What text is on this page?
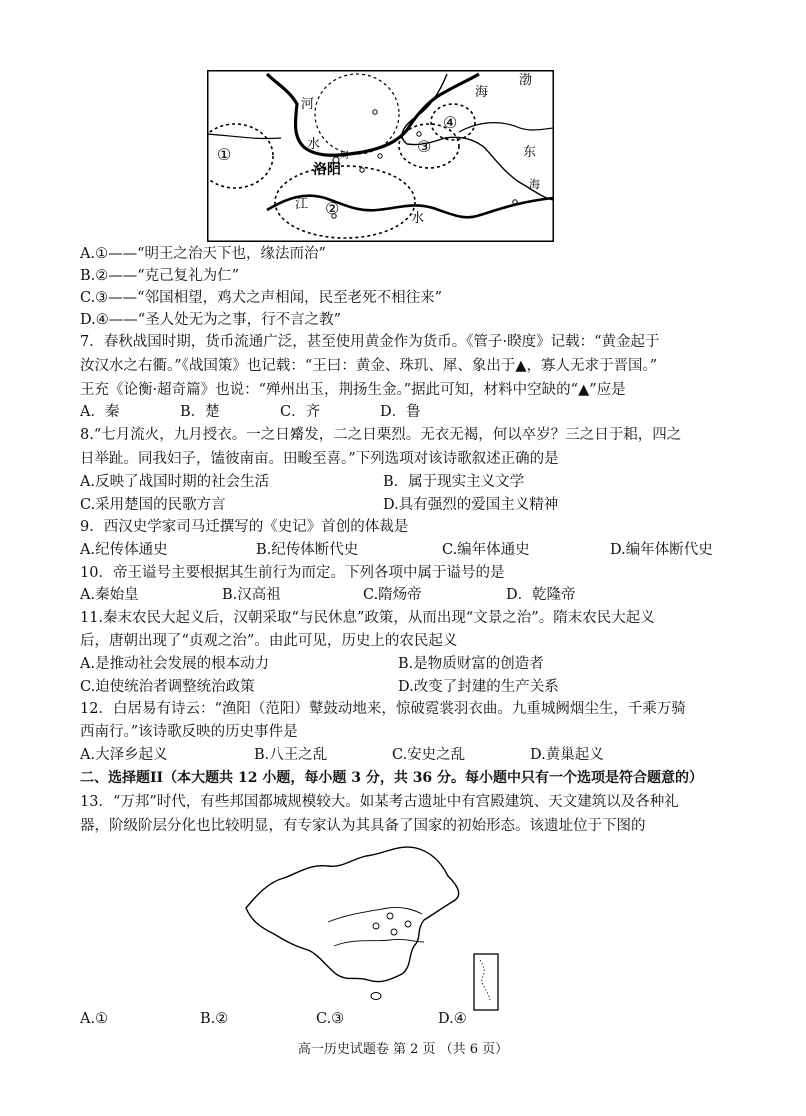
河
水
海
渤
东
海
洛阳
周
江
水
①
②
③
④
A.①——“明王之治天下也，缘法而治”
B.②——“克己复礼为仁”
C.③——“邻国相望，鸡犬之声相闻，民至老死不相往来”
D.④——“圣人处无为之事，行不言之教”
7．春秋战国时期，货币流通广泛，甚至使用黄金作为货币。《管子·睽度》记载：“黄金起于
汝汉水之右衢。”《战国策》也记载：“王曰：黄金、珠玑、犀、象出于▲，寡人无求于晋国。”
王充《论衡·超奇篇》也说：“殚州出玉，荆扬生金。”据此可知，材料中空缺的“▲”应是
A．秦	B．楚	C．齐	D．鲁
8.“七月流火，九月授衣。一之日觱发，二之日栗烈。无衣无褐，何以卒岁？三之日于耜，四之
日举趾。同我妇子，馌彼南亩。田畯至喜。”下列选项对该诗歌叙述正确的是
A.反映了战国时期的社会生活	B．属于现实主义文学
C.采用楚国的民歌方言	D.具有强烈的爱国主义精神
9．西汉史学家司马迁撰写的《史记》首创的体裁是
A.纪传体通史	B.纪传体断代史	C.编年体通史	D.编年体断代史
10．帝王谥号主要根据其生前行为而定。下列各项中属于谥号的是
A.秦始皇	B.汉高祖	C.隋炀帝	D．乾隆帝
11.秦末农民大起义后，汉朝采取“与民休息”政策，从而出现“文景之治”。隋末农民大起义
后，唐朝出现了“贞观之治”。由此可见，历史上的农民起义
A.是推动社会发展的根本动力	B.是物质财富的创造者
C.迫使统治者调整统治政策	D.改变了封建的生产关系
12．白居易有诗云：“渔阳（范阳）鼙鼓动地来，惊破霓裳羽衣曲。九重城阙烟尘生，千乘万骑
西南行。”该诗歌反映的历史事件是
A.大泽乡起义	B.八王之乱	C.安史之乱	D.黄巢起义
二、选择题II（本大题共 12 小题，每小题 3 分，共 36 分。每小题中只有一个选项是符合题意的）
13．“万邦”时代，有些邦国都城规模较大。如某考古遗址中有宫殿建筑、天文建筑以及各种礼
器，阶级阶层分化也比较明显，有专家认为其具备了国家的初始形态。该遗址位于下图的
A.①	B.②	C.③	D.④
高一历史试题卷 第 2 页 （共 6 页）
